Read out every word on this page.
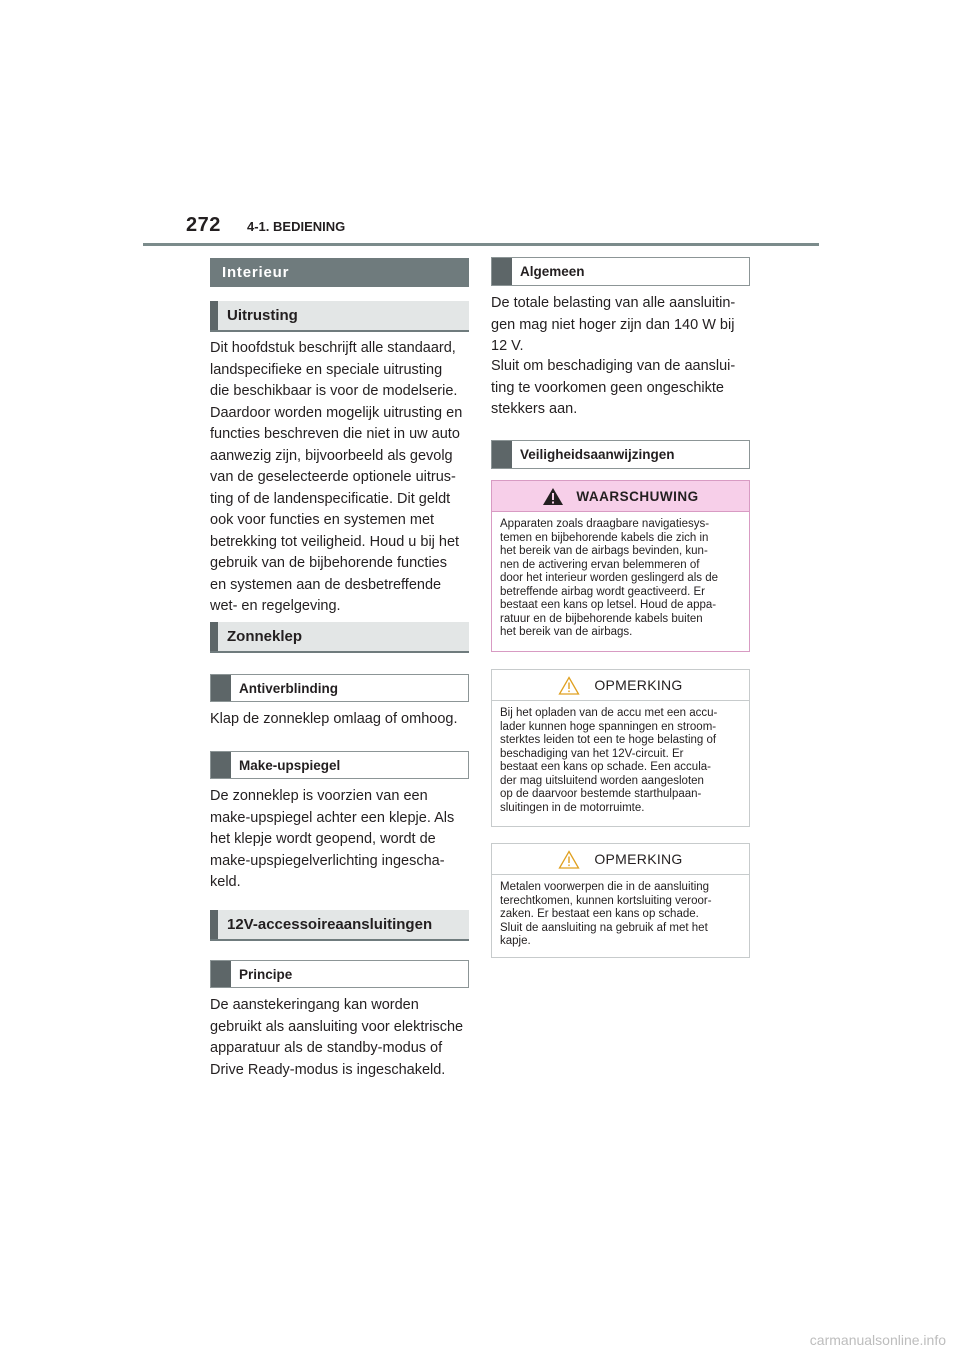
272 4-1. BEDIENING
Interieur
Uitrusting
Dit hoofdstuk beschrijft alle standaard,
landspecifieke en speciale uitrusting
die beschikbaar is voor de modelserie.
Daardoor worden mogelijk uitrusting en
functies beschreven die niet in uw auto
aanwezig zijn, bijvoorbeeld als gevolg
van de geselecteerde optionele uitrus-
ting of de landenspecificatie. Dit geldt
ook voor functies en systemen met
betrekking tot veiligheid. Houd u bij het
gebruik van de bijbehorende functies
en systemen aan de desbetreffende
wet- en regelgeving.
Zonneklep
Antiverblinding
Klap de zonneklep omlaag of omhoog.
Make-upspiegel
De zonneklep is voorzien van een
make-upspiegel achter een klepje. Als
het klepje wordt geopend, wordt de
make-upspiegelverlichting ingescha-
keld.
12V-accessoireaansluitingen
Principe
De aanstekeringang kan worden
gebruikt als aansluiting voor elektrische
apparatuur als de standby-modus of
Drive Ready-modus is ingeschakeld.
Algemeen
De totale belasting van alle aansluitin-
gen mag niet hoger zijn dan 140 W bij
12 V.
Sluit om beschadiging van de aanslui-
ting te voorkomen geen ongeschikte
stekkers aan.
Veiligheidsaanwijzingen
WAARSCHUWING
Apparaten zoals draagbare navigatiesys-
temen en bijbehorende kabels die zich in
het bereik van de airbags bevinden, kun-
nen de activering ervan belemmeren of
door het interieur worden geslingerd als de
betreffende airbag wordt geactiveerd. Er
bestaat een kans op letsel. Houd de appa-
ratuur en de bijbehorende kabels buiten
het bereik van de airbags.
OPMERKING
Bij het opladen van de accu met een accu-
lader kunnen hoge spanningen en stroom-
sterktes leiden tot een te hoge belasting of
beschadiging van het 12V-circuit. Er
bestaat een kans op schade. Een accula-
der mag uitsluitend worden aangesloten
op de daarvoor bestemde starthulpaan-
sluitingen in de motorruimte.
OPMERKING
Metalen voorwerpen die in de aansluiting
terechtkomen, kunnen kortsluiting veroor-
zaken. Er bestaat een kans op schade.
Sluit de aansluiting na gebruik af met het
kapje.
carmanualsonline.info
